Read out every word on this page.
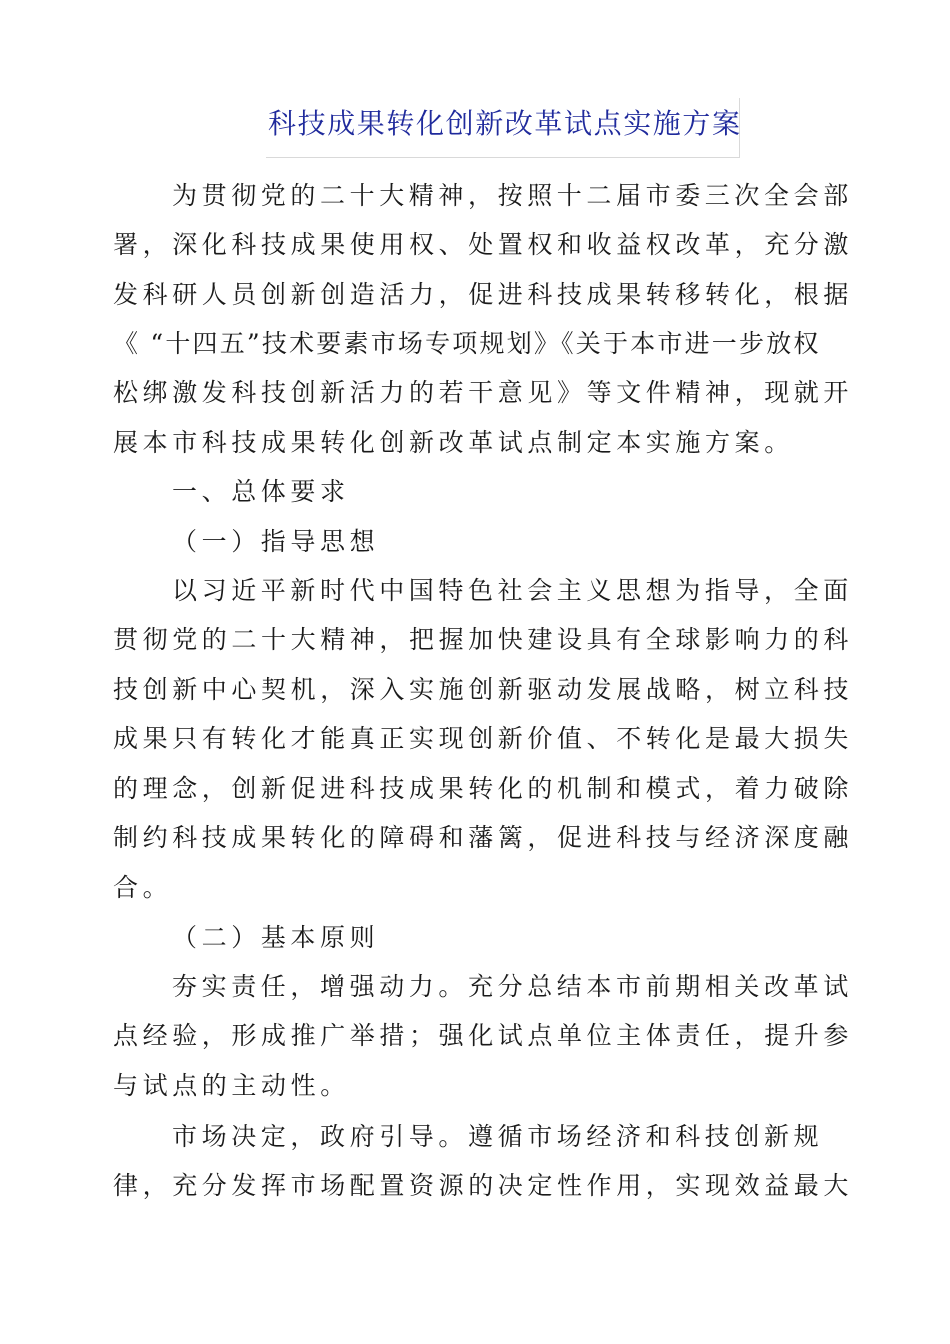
科技成果转化创新改革试点实施方案

为贯彻党的二十大精神，按照十二届市委三次全会部

署，深化科技成果使用权、处置权和收益权改革，充分激

发科研人员创新创造活力，促进科技成果转移转化，根据

《 “十四五”技术要素市场专项规划》《关于本市进一步放权

松绑激发科技创新活力的若干意见》等文件精神，现就开

展本市科技成果转化创新改革试点制定本实施方案。

一、总体要求

（一）指导思想

以习近平新时代中国特色社会主义思想为指导，全面

贯彻党的二十大精神，把握加快建设具有全球影响力的科

技创新中心契机，深入实施创新驱动发展战略，树立科技

成果只有转化才能真正实现创新价值、不转化是最大损失

的理念，创新促进科技成果转化的机制和模式，着力破除

制约科技成果转化的障碍和藩篱，促进科技与经济深度融

合。

（二）基本原则

夯实责任，增强动力。充分总结本市前期相关改革试

点经验，形成推广举措；强化试点单位主体责任，提升参

与试点的主动性。

市场决定，政府引导。遵循市场经济和科技创新规

律，充分发挥市场配置资源的决定性作用，实现效益最大
